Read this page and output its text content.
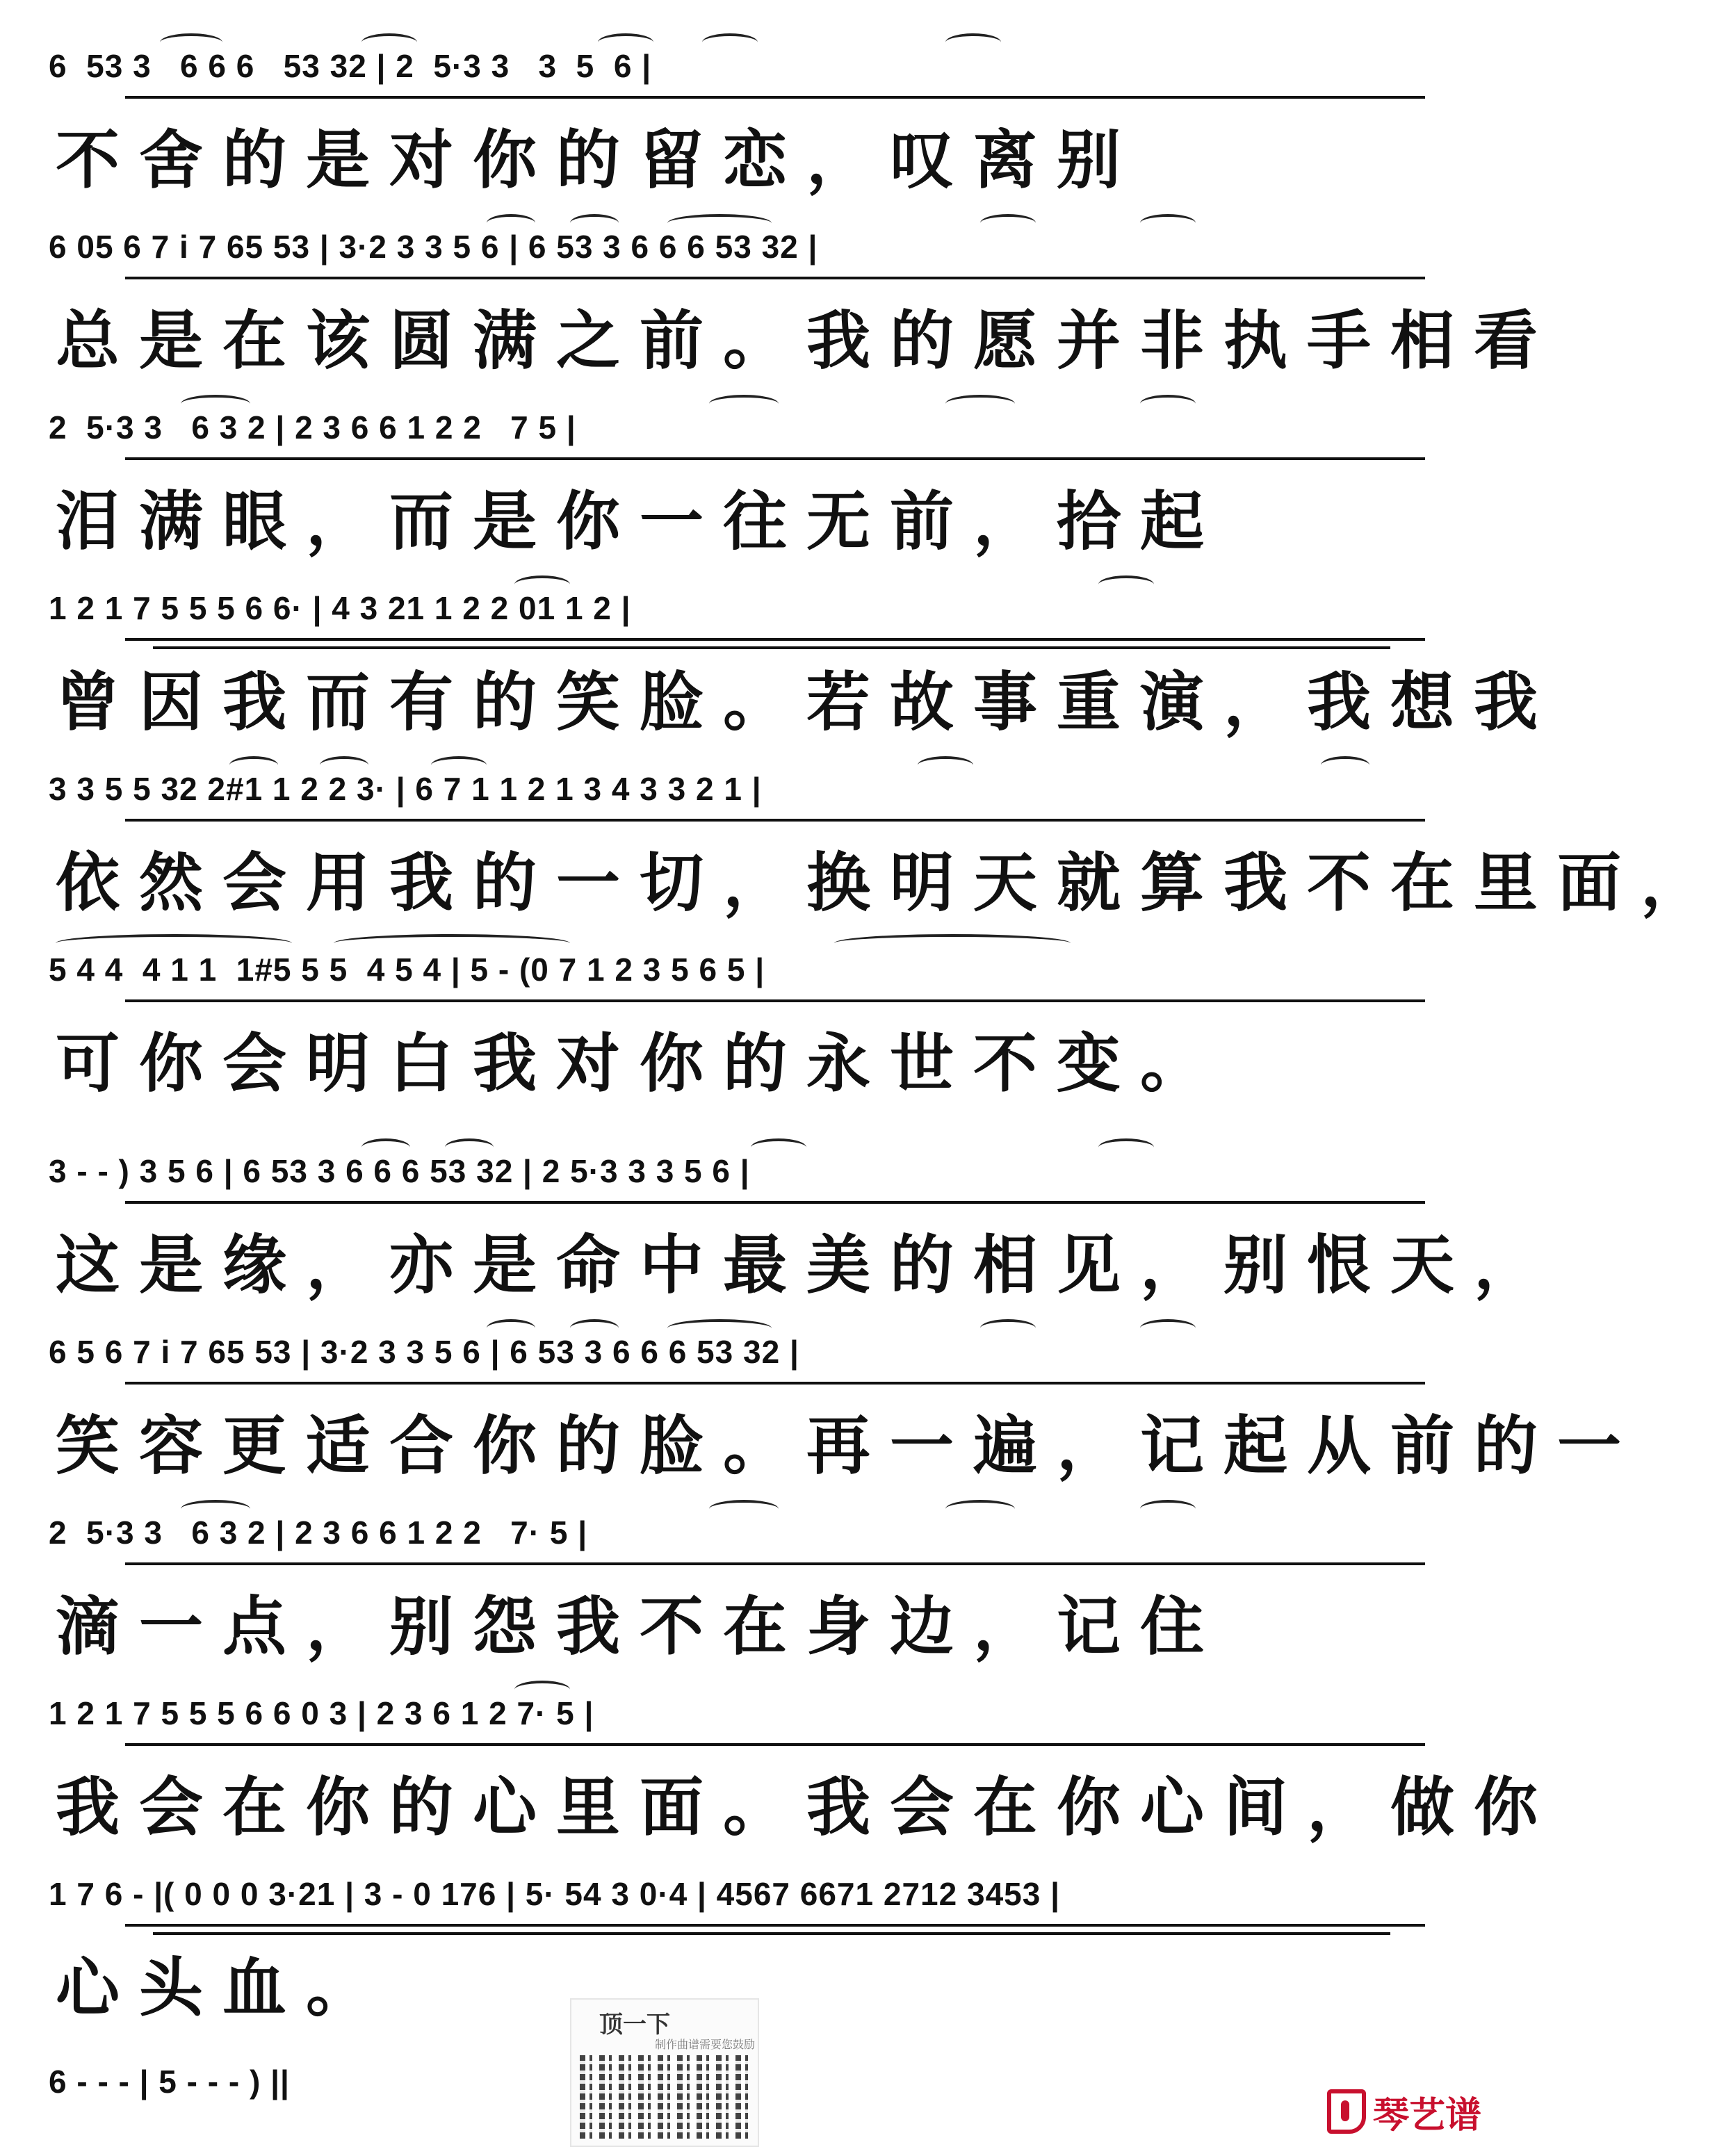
6  53 3   6 6 6   53 32 | 2  5·3 3   3  5  6 |

不舍的是对你的留恋，叹离别

6 05 6 7 i 7 65 53 | 3·2 3 3 5 6 | 6 53 3 6 6 6 53 32 |

总是在该圆满之前。我的愿并非执手相看

2  5·3 3   6 3 2 | 2 3 6 6 1 2 2   7 5 |

泪满眼，而是你一往无前，拾起

1 2 1 7 5 5 5 6 6· | 4 3 21 1 2 2 01 1 2 |

曾因我而有的笑脸。若故事重演，我想我

3 3 5 5 32 2#1 1 2 2 3· | 6 7 1 1 2 1 3 4 3 3 2 1 |

依然会用我的一切，换明天就算我不在里面，

5 4 4  4 1 1  1#5 5 5  4 5 4 | 5 - (0 7 1 2 3 5 6 5 |

可你会明白我对你的永世不变。

3 - - ) 3 5 6 | 6 53 3 6 6 6 53 32 | 2 5·3 3 3 5 6 |

这是缘，亦是命中最美的相见，别恨天，

6 5 6 7 i 7 65 53 | 3·2 3 3 5 6 | 6 53 3 6 6 6 53 32 |

笑容更适合你的脸。再一遍，记起从前的一

2  5·3 3   6 3 2 | 2 3 6 6 1 2 2   7· 5 |

滴一点，别怨我不在身边，记住

1 2 1 7 5 5 5 6 6 0 3 | 2 3 6 1 2 7· 5 |

我会在你的心里面。我会在你心间，做你

1 7 6 - |( 0 0 0 3·21 | 3 - 0 176 | 5· 54 3 0·4 | 4567 6671 2712 3453 |

心头血。

6 - - - | 5 - - - ) ||

顶一下
制作曲谱需要您鼓励
琴艺谱
